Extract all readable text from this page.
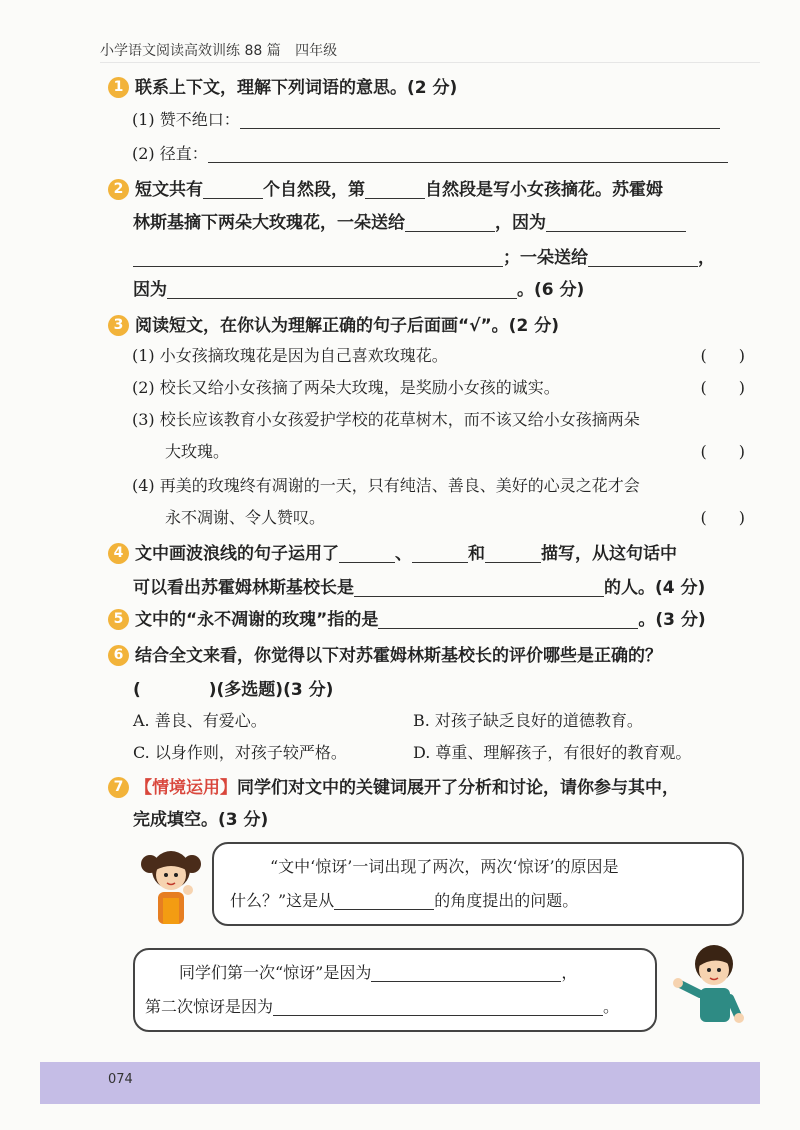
小学语文阅读高效训练 88 篇 四年级
1 联系上下文，理解下列词语的意思。(2 分)
(1) 赞不绝口：
(2) 径直：
2 短文共有	个自然段，第	自然段是写小女孩摘花。苏霍姆
林斯基摘下两朵大玫瑰花，一朵送给	，因为
；一朵送给	，
因为	。(6 分)
3 阅读短文，在你认为理解正确的句子后面画“√”。(2 分)
(1) 小女孩摘玫瑰花是因为自己喜欢玫瑰花。	(　　)
(2) 校长又给小女孩摘了两朵大玫瑰，是奖励小女孩的诚实。	(　　)
(3) 校长应该教育小女孩爱护学校的花草树木，而不该又给小女孩摘两朵
大玫瑰。	(　　)
(4) 再美的玫瑰终有凋谢的一天，只有纯洁、善良、美好的心灵之花才会
永不凋谢、令人赞叹。	(　　)
4 文中画波浪线的句子运用了	、	和	描写，从这句话中
可以看出苏霍姆林斯基校长是	的人。(4 分)
5 文中的“永不凋谢的玫瑰”指的是	。(3 分)
6 结合全文来看，你觉得以下对苏霍姆林斯基校长的评价哪些是正确的？
(　　　　)(多选题)(3 分)
A. 善良、有爱心。	B. 对孩子缺乏良好的道德教育。
C. 以身作则，对孩子较严格。	D. 尊重、理解孩子，有很好的教育观。
7 【情境运用】同学们对文中的关键词展开了分析和讨论，请你参与其中，
完成填空。(3 分)
“文中‘惊讶’一词出现了两次，两次‘惊讶’的原因是
什么？”这是从	的角度提出的问题。
同学们第一次“惊讶”是因为	，
第二次惊讶是因为	。
074
